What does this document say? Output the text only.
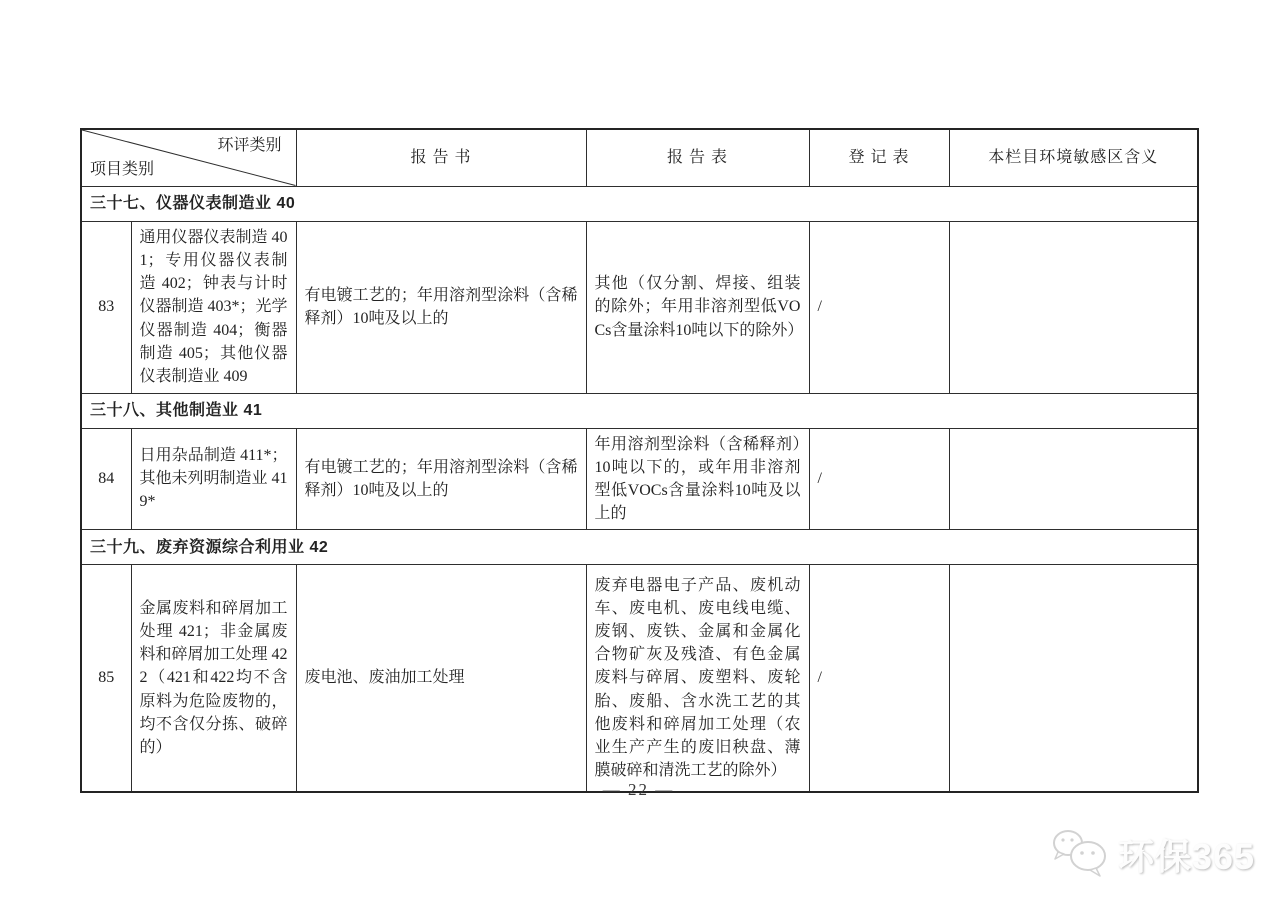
环评类别
项目类别		报 告 书	报 告 表	登 记 表	本栏目环境敏感区含义
三十七、仪器仪表制造业 40					
83	通用仪器仪表制造 401；专用仪器仪表制造 402；钟表与计时仪器制造 403*；光学仪器制造 404；衡器制造 405；其他仪器仪表制造业 409	有电镀工艺的；年用溶剂型涂料（含稀释剂）10吨及以上的	其他（仅分割、焊接、组装的除外；年用非溶剂型低VOCs含量涂料10吨以下的除外）	/	
三十八、其他制造业 41					
84	日用杂品制造 411*；其他未列明制造业 419*	有电镀工艺的；年用溶剂型涂料（含稀释剂）10吨及以上的	年用溶剂型涂料（含稀释剂）10吨以下的，或年用非溶剂型低VOCs含量涂料10吨及以上的	/	
三十九、废弃资源综合利用业 42					
85	金属废料和碎屑加工处理 421；非金属废料和碎屑加工处理 422（421和422均不含原料为危险废物的，均不含仅分拣、破碎的）	废电池、废油加工处理	废弃电器电子产品、废机动车、废电机、废电线电缆、废钢、废铁、金属和金属化合物矿灰及残渣、有色金属废料与碎屑、废塑料、废轮胎、废船、含水洗工艺的其他废料和碎屑加工处理（农业生产产生的废旧秧盘、薄膜破碎和清洗工艺的除外）	/	
— 22 —
环保365
